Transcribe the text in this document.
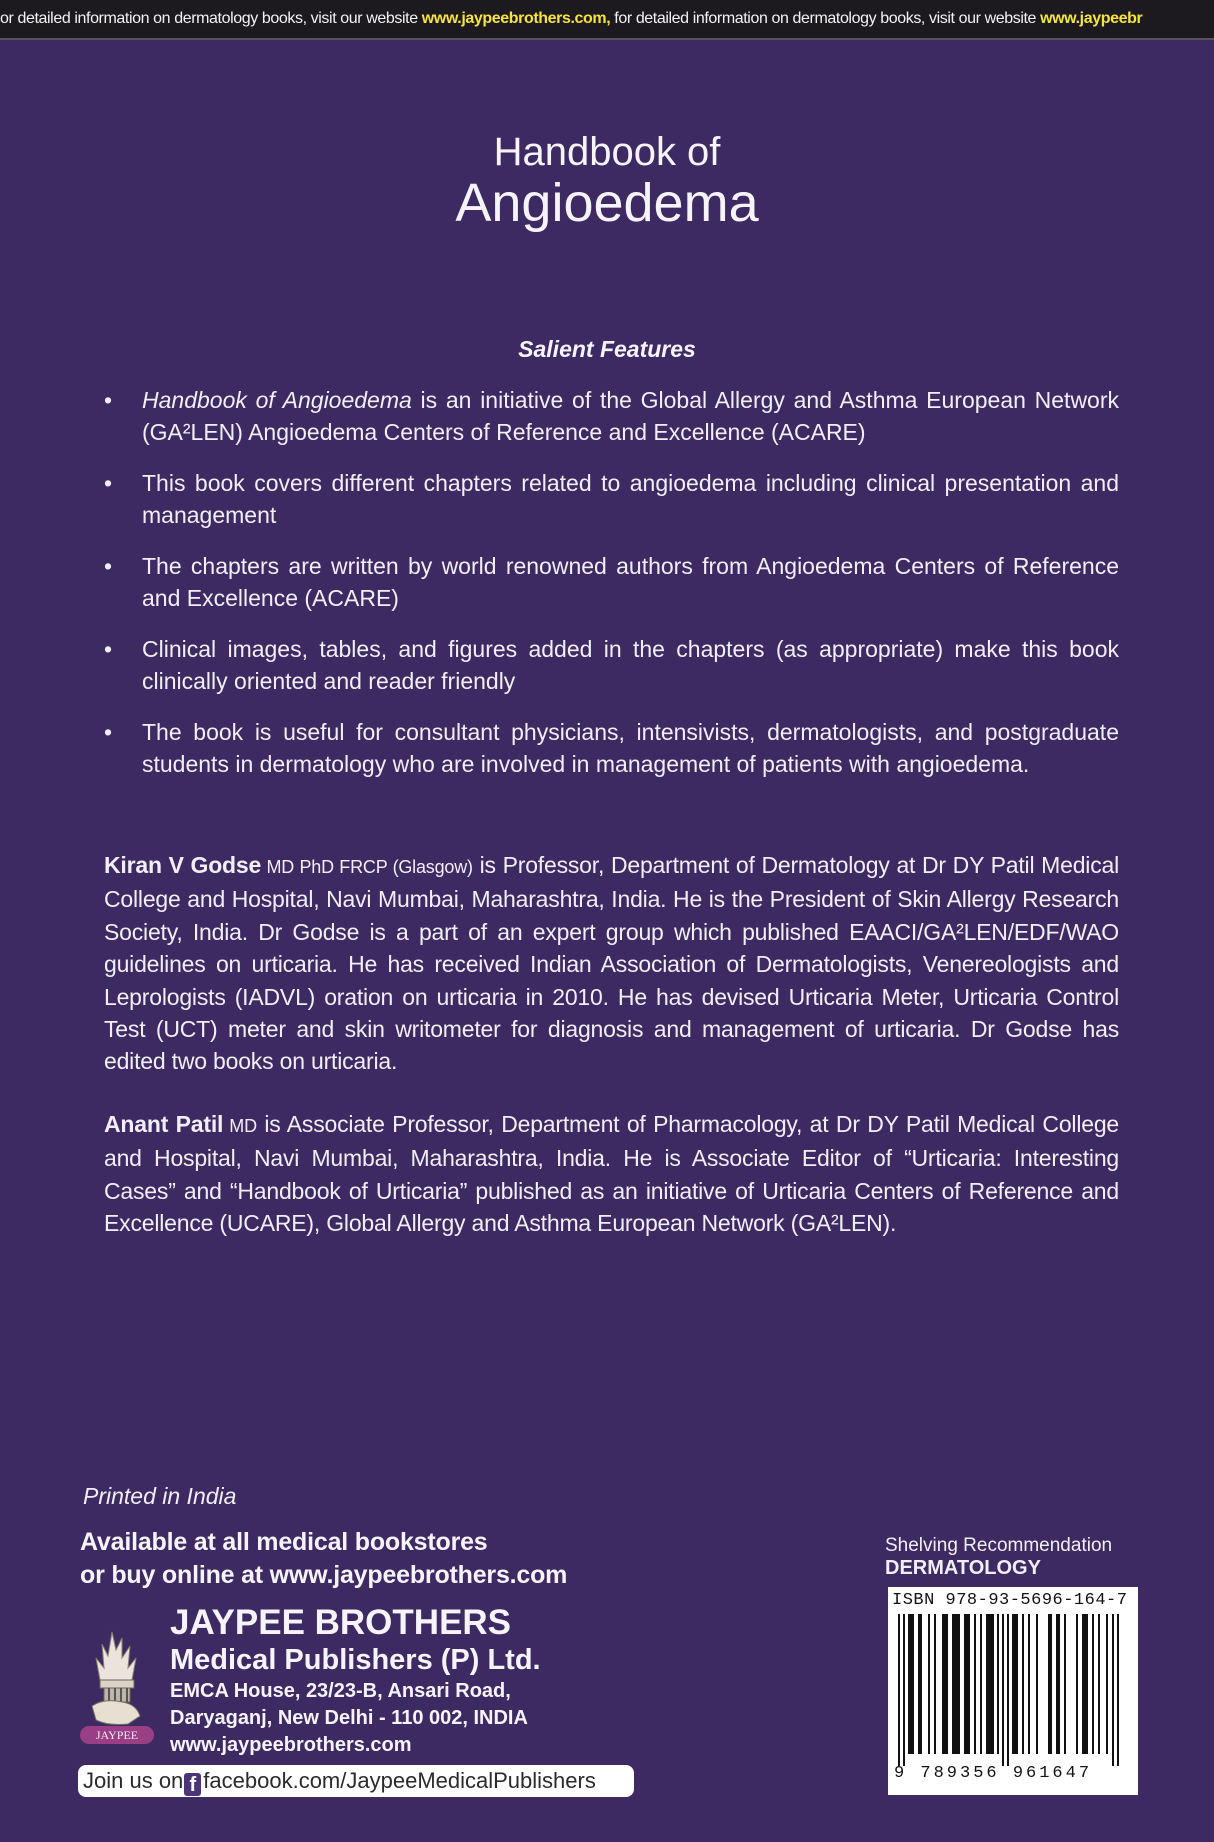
or detailed information on dermatology books, visit our website www.jaypeebrothers.com, for detailed information on dermatology books, visit our website www.jaypeebr
Handbook of
Angioedema
Salient Features
•	Handbook of Angioedema is an initiative of the Global Allergy and Asthma European Network (GA²LEN) Angioedema Centers of Reference and Excellence (ACARE)
•	This book covers different chapters related to angioedema including clinical presentation and management
•	The chapters are written by world renowned authors from Angioedema Centers of Reference and Excellence (ACARE)
•	Clinical images, tables, and figures added in the chapters (as appropriate) make this book clinically oriented and reader friendly
•	The book is useful for consultant physicians, intensivists, dermatologists, and postgraduate students in dermatology who are involved in management of patients with angioedema.
Kiran V Godse MD PhD FRCP (Glasgow) is Professor, Department of Dermatology at Dr DY Patil Medical College and Hospital, Navi Mumbai, Maharashtra, India. He is the President of Skin Allergy Research Society, India. Dr Godse is a part of an expert group which published EAACI/GA²LEN/EDF/WAO guidelines on urticaria. He has received Indian Association of Dermatologists, Venereologists and Leprologists (IADVL) oration on urticaria in 2010. He has devised Urticaria Meter, Urticaria Control Test (UCT) meter and skin writometer for diagnosis and management of urticaria. Dr Godse has edited two books on urticaria.
Anant Patil MD is Associate Professor, Department of Pharmacology, at Dr DY Patil Medical College and Hospital, Navi Mumbai, Maharashtra, India. He is Associate Editor of “Urticaria: Interesting Cases” and “Handbook of Urticaria” published as an initiative of Urticaria Centers of Reference and Excellence (UCARE), Global Allergy and Asthma European Network (GA²LEN).
Printed in India
Available at all medical bookstores
or buy online at www.jaypeebrothers.com
JAYPEE
JAYPEE BROTHERS
Medical Publishers (P) Ltd.
EMCA House, 23/23-B, Ansari Road,
Daryaganj, New Delhi - 110 002, INDIA
www.jaypeebrothers.com
Join us on f facebook.com/JaypeeMedicalPublishers
Shelving Recommendation
DERMATOLOGY
ISBN 978-93-5696-164-7
9 789356 961647
